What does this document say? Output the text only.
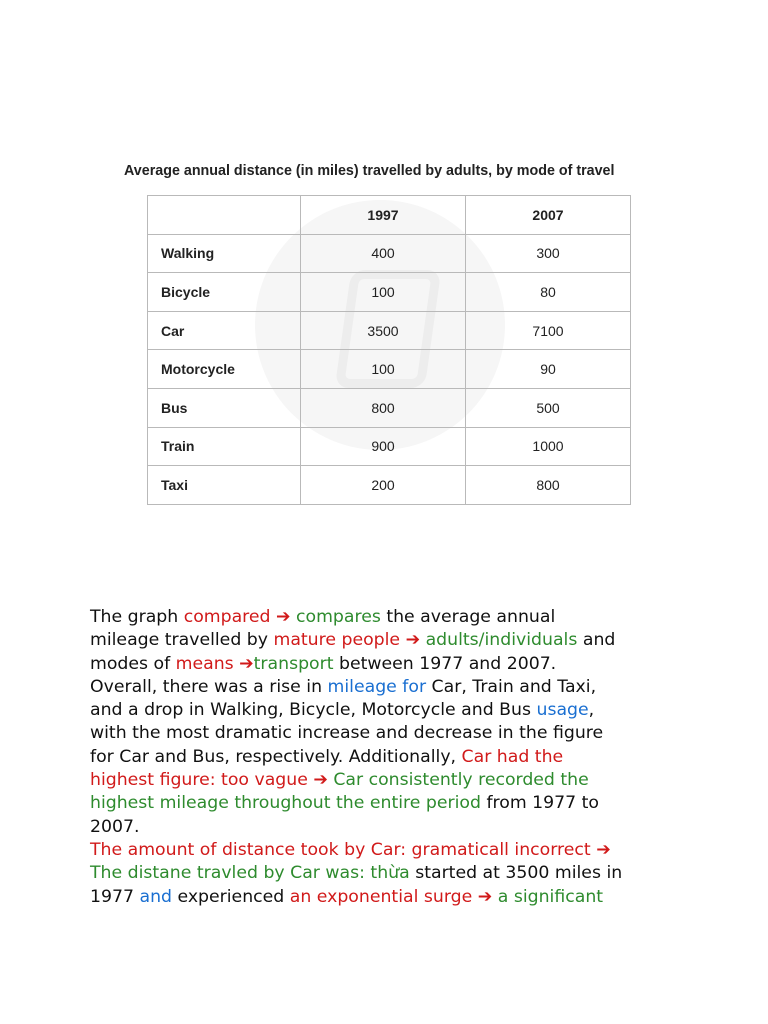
Average annual distance (in miles) travelled by adults, by mode of travel
	1997	2007
Walking	400	300
Bicycle	100	80
Car	3500	7100
Motorcycle	100	90
Bus	800	500
Train	900	1000
Taxi	200	800
The graph compared ➔ compares the average annual
mileage travelled by mature people ➔ adults/individuals and
modes of means ➔transport between 1977 and 2007.
Overall, there was a rise in mileage for Car, Train and Taxi,
and a drop in Walking, Bicycle, Motorcycle and Bus usage,
with the most dramatic increase and decrease in the figure
for Car and Bus, respectively. Additionally, Car had the
highest figure: too vague ➔ Car consistently recorded the
highest mileage throughout the entire period from 1977 to
2007.
The amount of distance took by Car: gramaticall incorrect ➔
The distane travled by Car was: thừa started at 3500 miles in
1977 and experienced an exponential surge ➔ a significant
